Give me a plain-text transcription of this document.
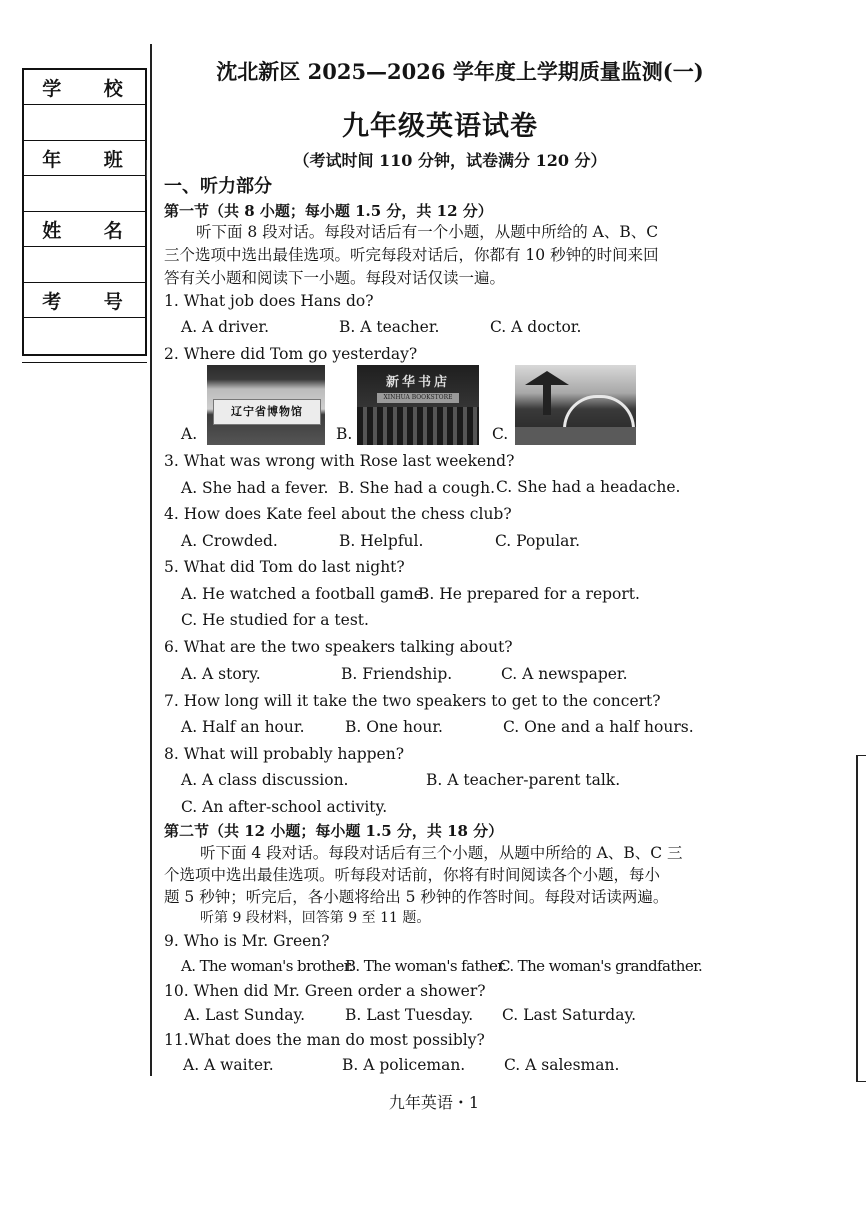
学 校
年 班
姓 名
考 号
沈北新区 2025—2026 学年度上学期质量监测(一)
九年级英语试卷
（考试时间 110 分钟，试卷满分 120 分）
一、听力部分
第一节（共 8 小题；每小题 1.5 分，共 12 分）
听下面 8 段对话。每段对话后有一个小题，从题中所给的 A、B、C
三个选项中选出最佳选项。听完每段对话后，你都有 10 秒钟的时间来回
答有关小题和阅读下一小题。每段对话仅读一遍。
1. What job does Hans do?
A. A driver.	B. A teacher.	C. A doctor.
2. Where did Tom go yesterday?
A.
辽宁省博物馆
B.
新华书店
XINHUA BOOKSTORE
C.
3. What was wrong with Rose last weekend?
A. She had a fever. B. She had a cough. C. She had a headache.
4. How does Kate feel about the chess club?
A. Crowded.	B. Helpful.	C. Popular.
5. What did Tom do last night?
A. He watched a football game.
B. He prepared for a report.
C. He studied for a test.
6. What are the two speakers talking about?
A. A story.	B. Friendship.	C. A newspaper.
7. How long will it take the two speakers to get to the concert?
A. Half an hour.	B. One hour.	C. One and a half hours.
8. What will probably happen?
A. A class discussion.	B. A teacher-parent talk.
C. An after-school activity.
第二节（共 12 小题；每小题 1.5 分，共 18 分）
听下面 4 段对话。每段对话后有三个小题，从题中所给的 A、B、C 三
个选项中选出最佳选项。听每段对话前，你将有时间阅读各个小题，每小
题 5 秒钟；听完后，各小题将给出 5 秒钟的作答时间。每段对话读两遍。
听第 9 段材料，回答第 9 至 11 题。
9. Who is Mr. Green?
A. The woman's brother.
B. The woman's father.
C. The woman's grandfather.
10. When did Mr. Green order a shower?
A. Last Sunday.	B. Last Tuesday. C. Last Saturday.
11.What does the man do most possibly?
A. A waiter.	B. A policeman.	C. A salesman.
九年英语・1
